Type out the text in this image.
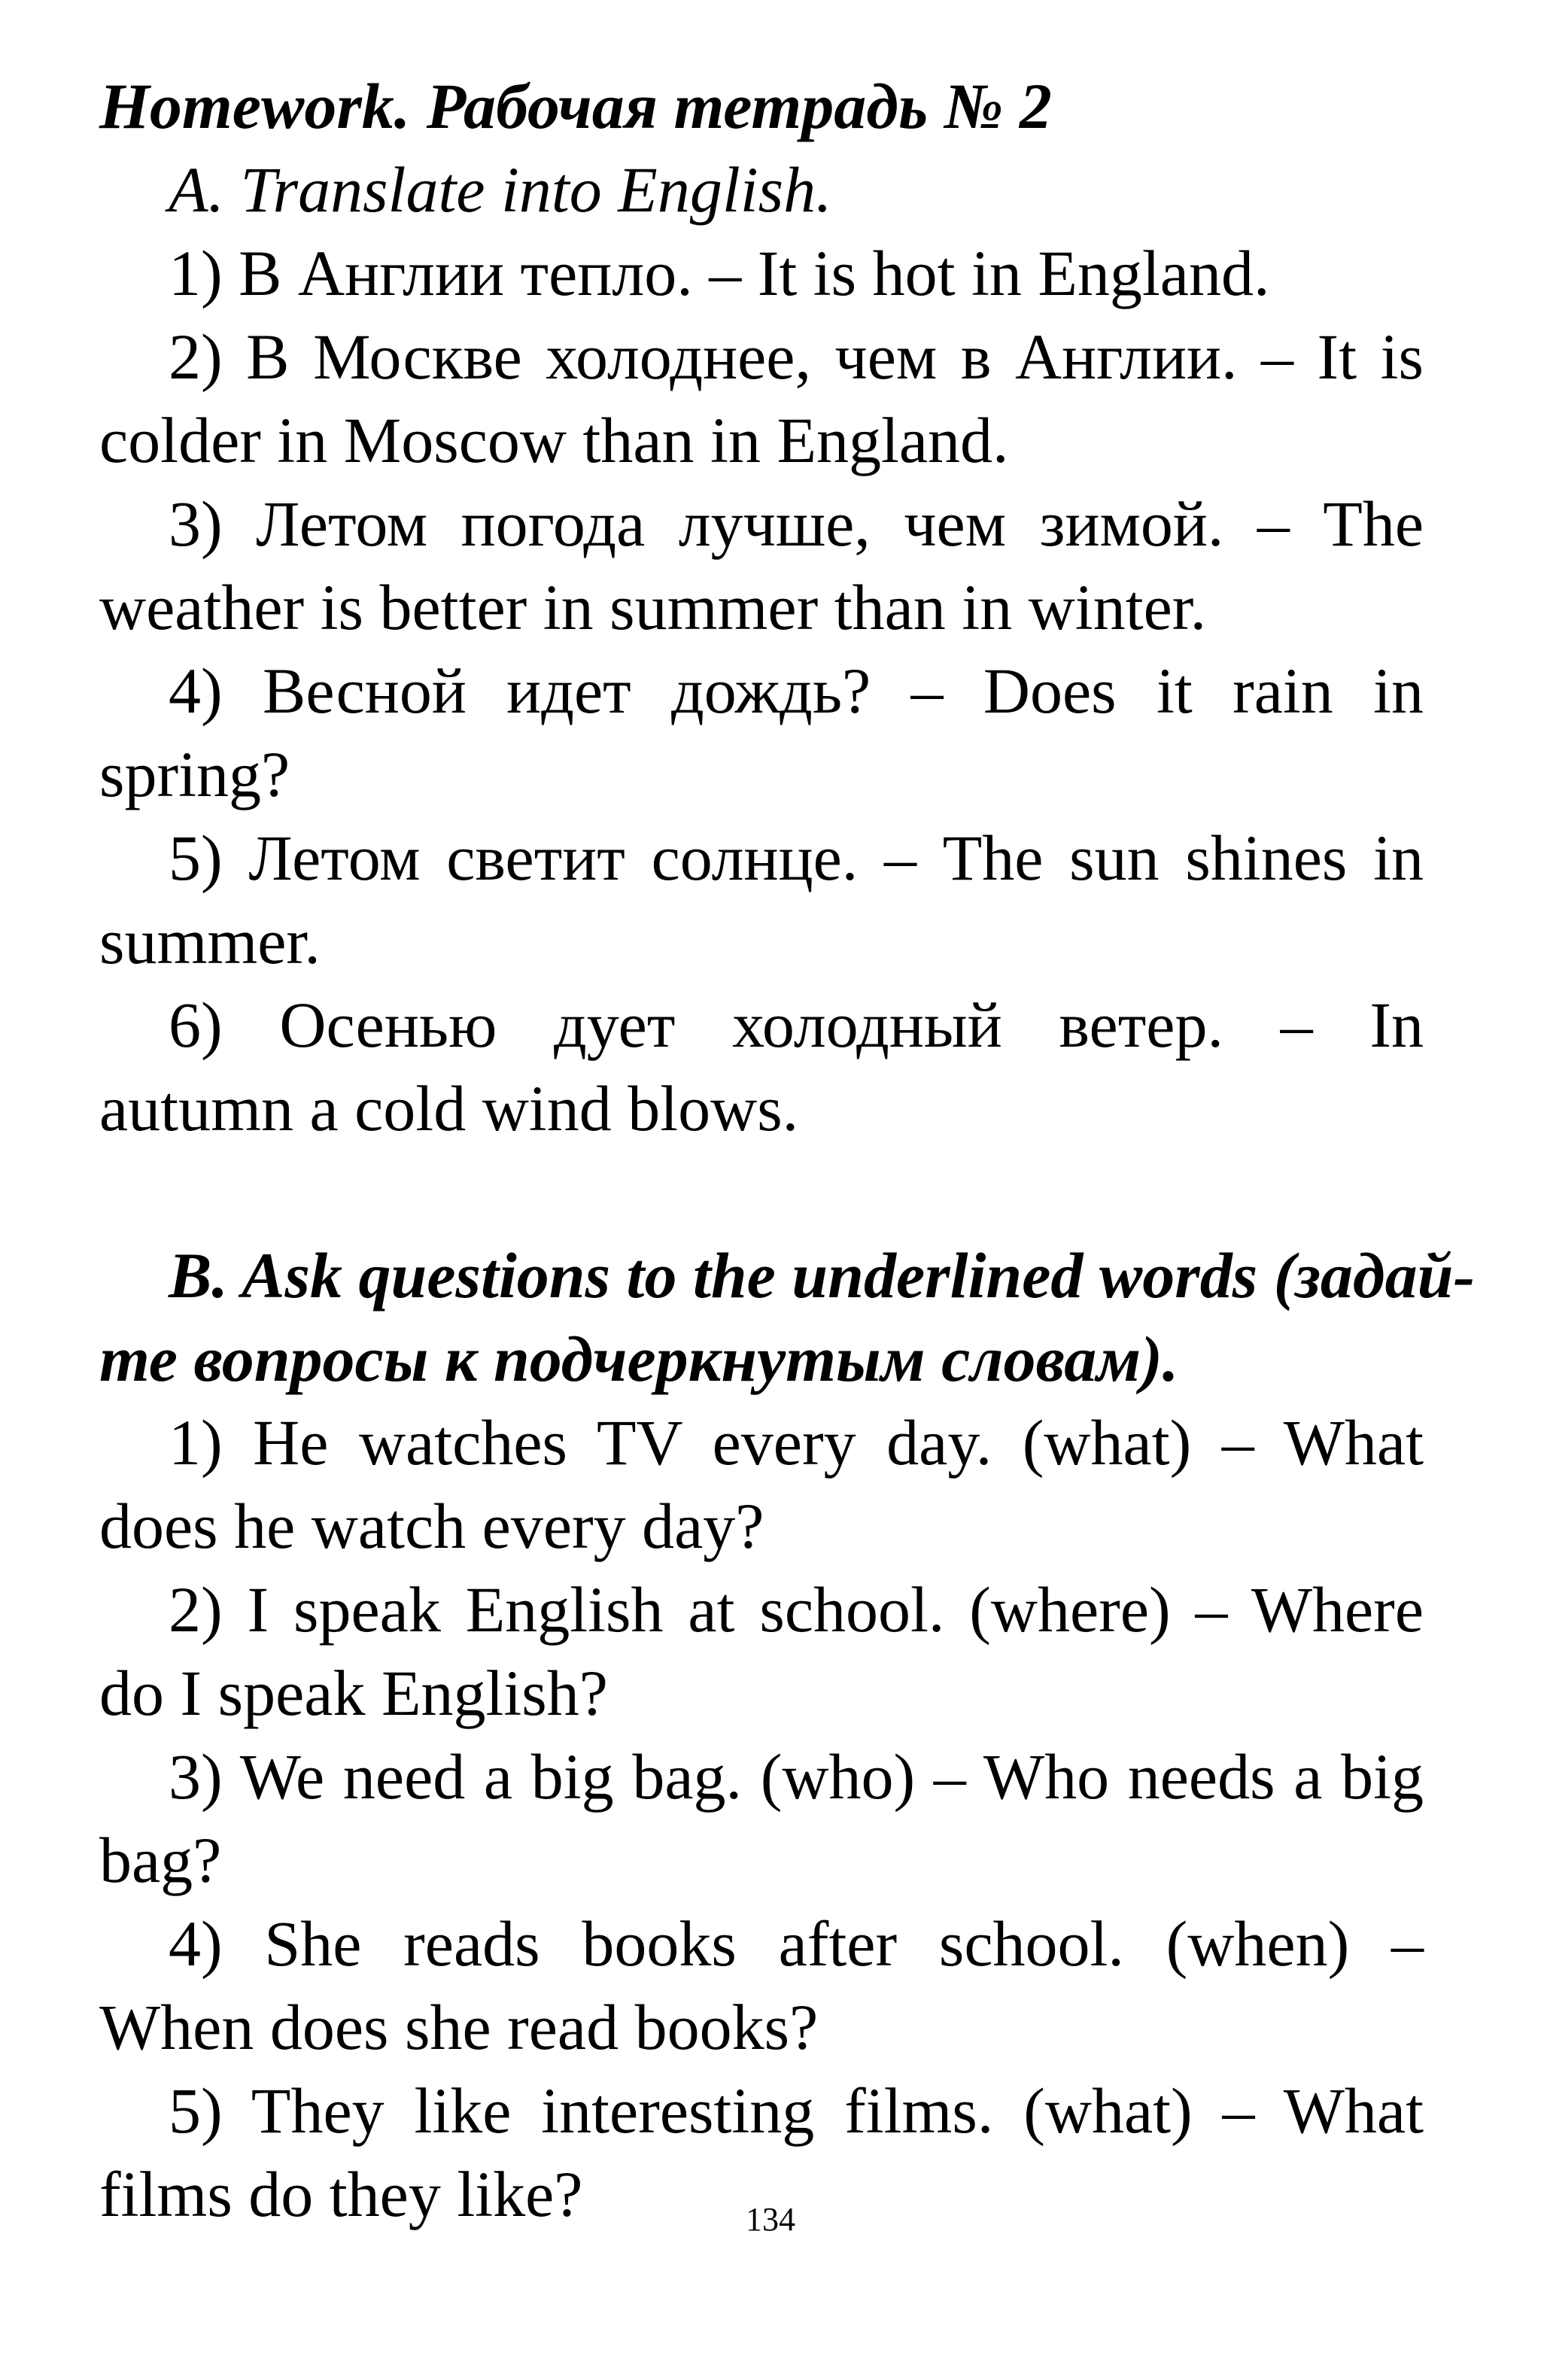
Homework. Рабочая тетрадь № 2
A. Translate into English.
1) В Англии тепло. – It is hot in England.
2) В Москве холоднее, чем в Англии. – It is
colder in Moscow than in England.
3) Летом погода лучше, чем зимой. – The
weather is better in summer than in winter.
4) Весной идет дождь? – Does it rain in
spring?
5) Летом светит солнце. – The sun shines in
summer.
6) Осенью дует холодный ветер. – In
autumn a cold wind blows.
B. Ask questions to the underlined words (задай-
те вопросы к подчеркнутым словам).
1) He watches TV every day. (what) – What
does he watch every day?
2) I speak English at school. (where) – Where
do I speak English?
3) We need a big bag. (who) – Who needs a big
bag?
4) She reads books after school. (when) –
When does she read books?
5) They like interesting films. (what) – What
films do they like?	134
